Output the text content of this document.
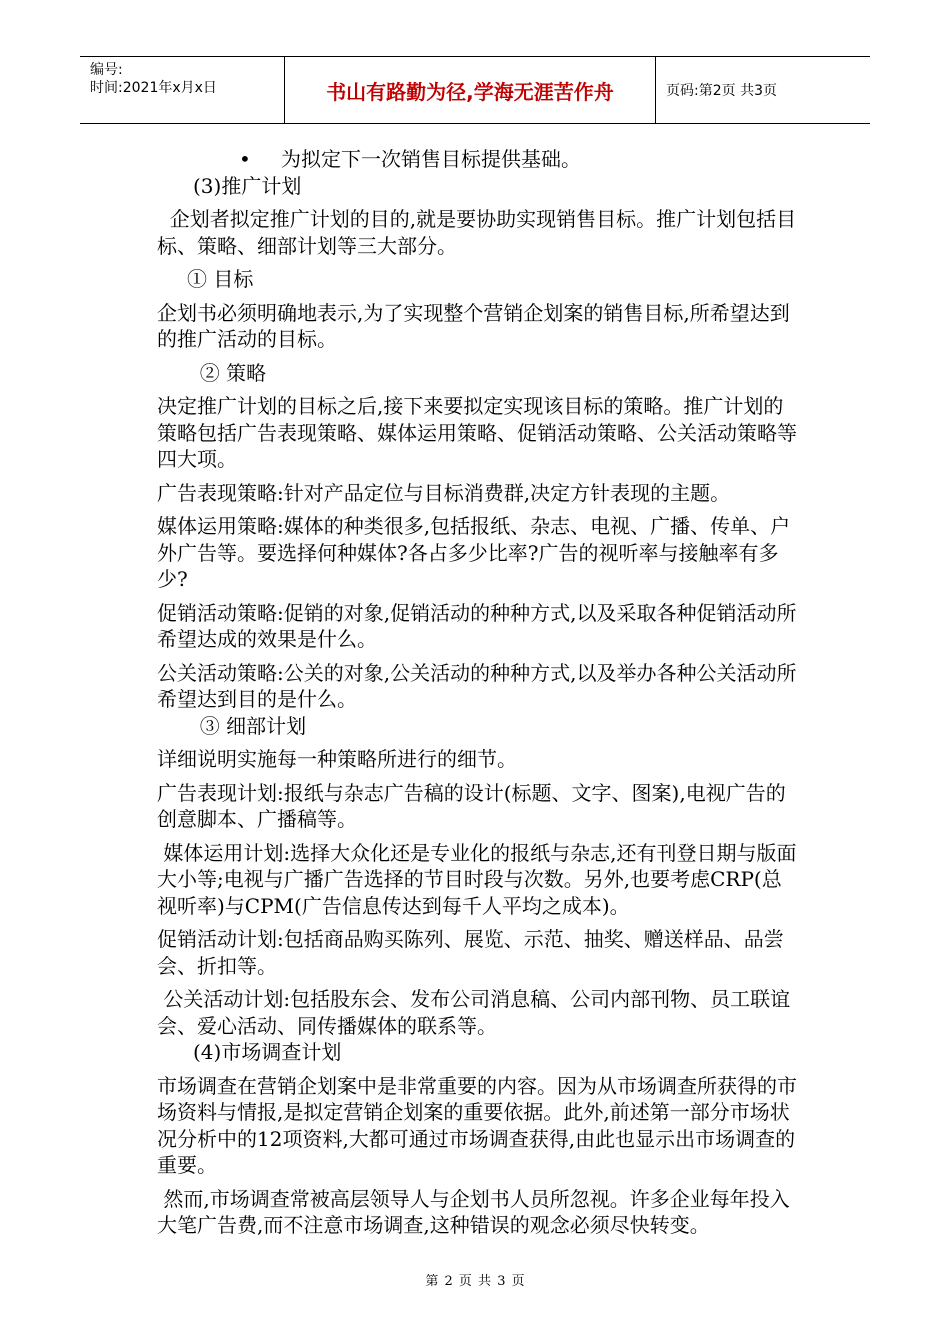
编号:
时间:2021年x月x日	书山有路勤为径,学海无涯苦作舟	页码:第2页 共3页

• 为拟定下一次销售目标提供基础。

(3)推广计划

企划者拟定推广计划的目的,就是要协助实现销售目标。推广计划包括目标、策略、细部计划等三大部分。

① 目标

企划书必须明确地表示,为了实现整个营销企划案的销售目标,所希望达到的推广活动的目标。

② 策略

决定推广计划的目标之后,接下来要拟定实现该目标的策略。推广计划的策略包括广告表现策略、媒体运用策略、促销活动策略、公关活动策略等四大项。

广告表现策略:针对产品定位与目标消费群,决定方针表现的主题。

媒体运用策略:媒体的种类很多,包括报纸、杂志、电视、广播、传单、户外广告等。要选择何种媒体?各占多少比率?广告的视听率与接触率有多少?

促销活动策略:促销的对象,促销活动的种种方式,以及采取各种促销活动所希望达成的效果是什么。

公关活动策略:公关的对象,公关活动的种种方式,以及举办各种公关活动所希望达到目的是什么。

③ 细部计划

详细说明实施每一种策略所进行的细节。

广告表现计划:报纸与杂志广告稿的设计(标题、文字、图案),电视广告的创意脚本、广播稿等。

媒体运用计划:选择大众化还是专业化的报纸与杂志,还有刊登日期与版面大小等;电视与广播广告选择的节目时段与次数。另外,也要考虑CRP(总视听率)与CPM(广告信息传达到每千人平均之成本)。

促销活动计划:包括商品购买陈列、展览、示范、抽奖、赠送样品、品尝会、折扣等。

公关活动计划:包括股东会、发布公司消息稿、公司内部刊物、员工联谊会、爱心活动、同传播媒体的联系等。

(4)市场调查计划

市场调查在营销企划案中是非常重要的内容。因为从市场调查所获得的市场资料与情报,是拟定营销企划案的重要依据。此外,前述第一部分市场状况分析中的12项资料,大都可通过市场调查获得,由此也显示出市场调查的重要。

然而,市场调查常被高层领导人与企划书人员所忽视。许多企业每年投入大笔广告费,而不注意市场调查,这种错误的观念必须尽快转变。

第 2 页 共 3 页
